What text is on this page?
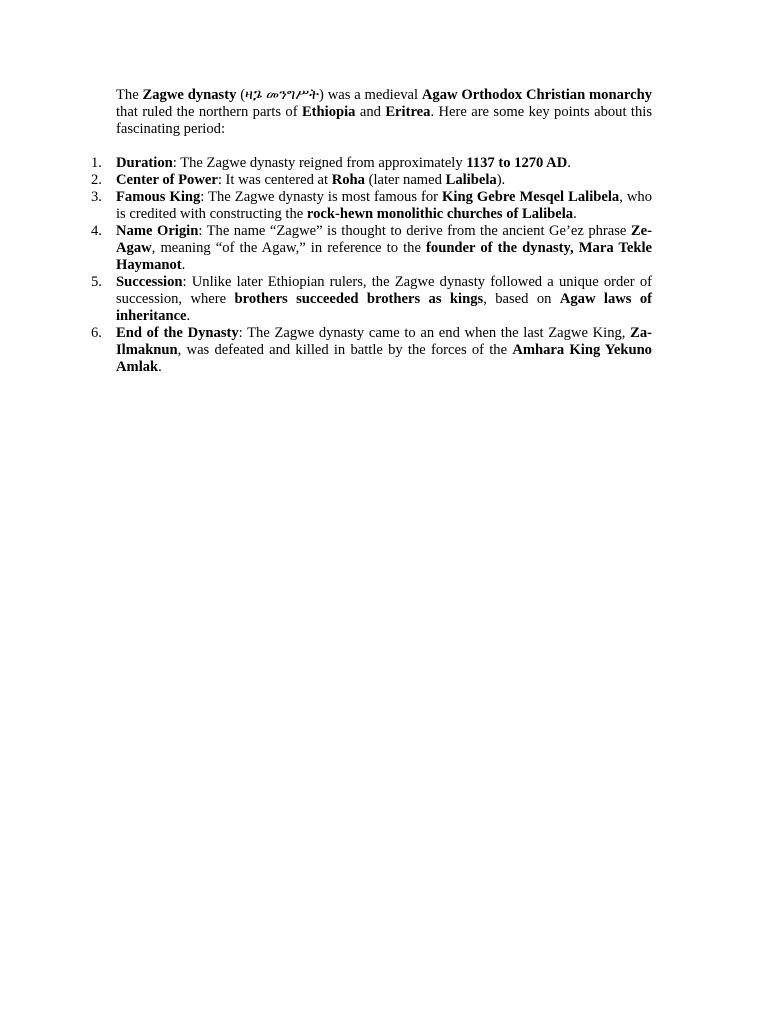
The Zagwe dynasty (ዛጔ መንግሥት) was a medieval Agaw Orthodox Christian monarchy that ruled the northern parts of Ethiopia and Eritrea. Here are some key points about this fascinating period:

1. Duration: The Zagwe dynasty reigned from approximately 1137 to 1270 AD.
2. Center of Power: It was centered at Roha (later named Lalibela).
3. Famous King: The Zagwe dynasty is most famous for King Gebre Mesqel Lalibela, who is credited with constructing the rock-hewn monolithic churches of Lalibela.
4. Name Origin: The name “Zagwe” is thought to derive from the ancient Ge’ez phrase Ze-Agaw, meaning “of the Agaw,” in reference to the founder of the dynasty, Mara Tekle Haymanot.
5. Succession: Unlike later Ethiopian rulers, the Zagwe dynasty followed a unique order of succession, where brothers succeeded brothers as kings, based on Agaw laws of inheritance.
6. End of the Dynasty: The Zagwe dynasty came to an end when the last Zagwe King, Za-Ilmaknun, was defeated and killed in battle by the forces of the Amhara King Yekuno Amlak.
